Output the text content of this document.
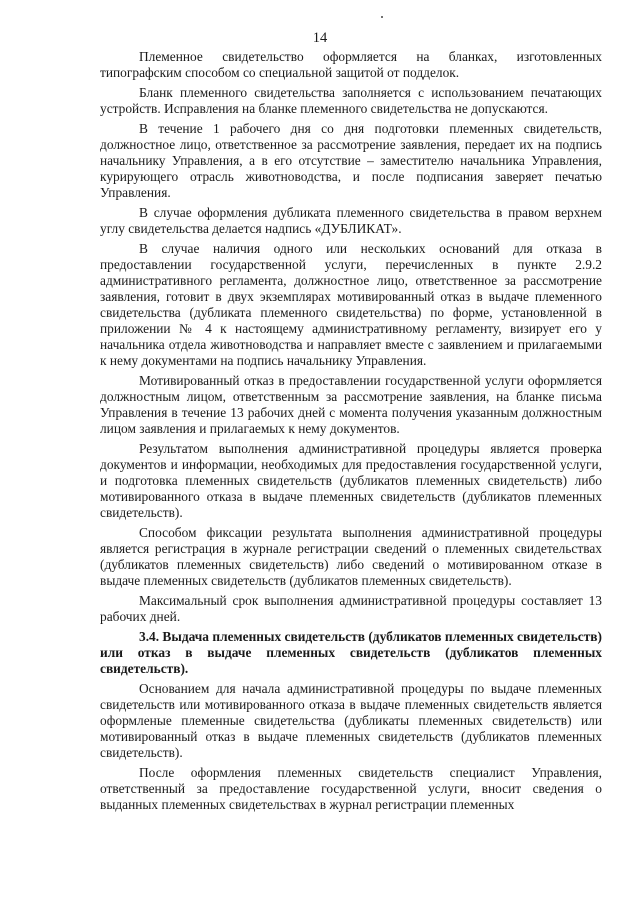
14

Племенное свидетельство оформляется на бланках, изготовленных типографским способом со специальной защитой от подделок.

Бланк племенного свидетельства заполняется с использованием печатающих устройств. Исправления на бланке племенного свидетельства не допускаются.

В течение 1 рабочего дня со дня подготовки племенных свидетельств, должностное лицо, ответственное за рассмотрение заявления, передает их на подпись начальнику Управления, а в его отсутствие – заместителю начальника Управления, курирующего отрасль животноводства, и после подписания заверяет печатью Управления.

В случае оформления дубликата племенного свидетельства в правом верхнем углу свидетельства делается надпись «ДУБЛИКАТ».

В случае наличия одного или нескольких оснований для отказа в предоставлении государственной услуги, перечисленных в пункте 2.9.2 административного регламента, должностное лицо, ответственное за рассмотрение заявления, готовит в двух экземплярах мотивированный отказ в выдаче племенного свидетельства (дубликата племенного свидетельства) по форме, установленной в приложении № 4 к настоящему административному регламенту, визирует его у начальника отдела животноводства и направляет вместе с заявлением и прилагаемыми к нему документами на подпись начальнику Управления.

Мотивированный отказ в предоставлении государственной услуги оформляется должностным лицом, ответственным за рассмотрение заявления, на бланке письма Управления в течение 13 рабочих дней с момента получения указанным должностным лицом заявления и прилагаемых к нему документов.

Результатом выполнения административной процедуры является проверка документов и информации, необходимых для предоставления государственной услуги, и подготовка племенных свидетельств (дубликатов племенных свидетельств) либо мотивированного отказа в выдаче племенных свидетельств (дубликатов племенных свидетельств).

Способом фиксации результата выполнения административной процедуры является регистрация в журнале регистрации сведений о племенных свидетельствах (дубликатов племенных свидетельств) либо сведений о мотивированном отказе в выдаче племенных свидетельств (дубликатов племенных свидетельств).

Максимальный срок выполнения административной процедуры составляет 13 рабочих дней.

3.4. Выдача племенных свидетельств (дубликатов племенных свидетельств) или отказ в выдаче племенных свидетельств (дубликатов племенных свидетельств).

Основанием для начала административной процедуры по выдаче племенных свидетельств или мотивированного отказа в выдаче племенных свидетельств является оформленые племенные свидетельства (дубликаты племенных свидетельств) или мотивированный отказ в выдаче племенных свидетельств (дубликатов племенных свидетельств).

После оформления племенных свидетельств специалист Управления, ответственный за предоставление государственной услуги, вносит сведения о выданных племенных свидетельствах в журнал регистрации племенных
